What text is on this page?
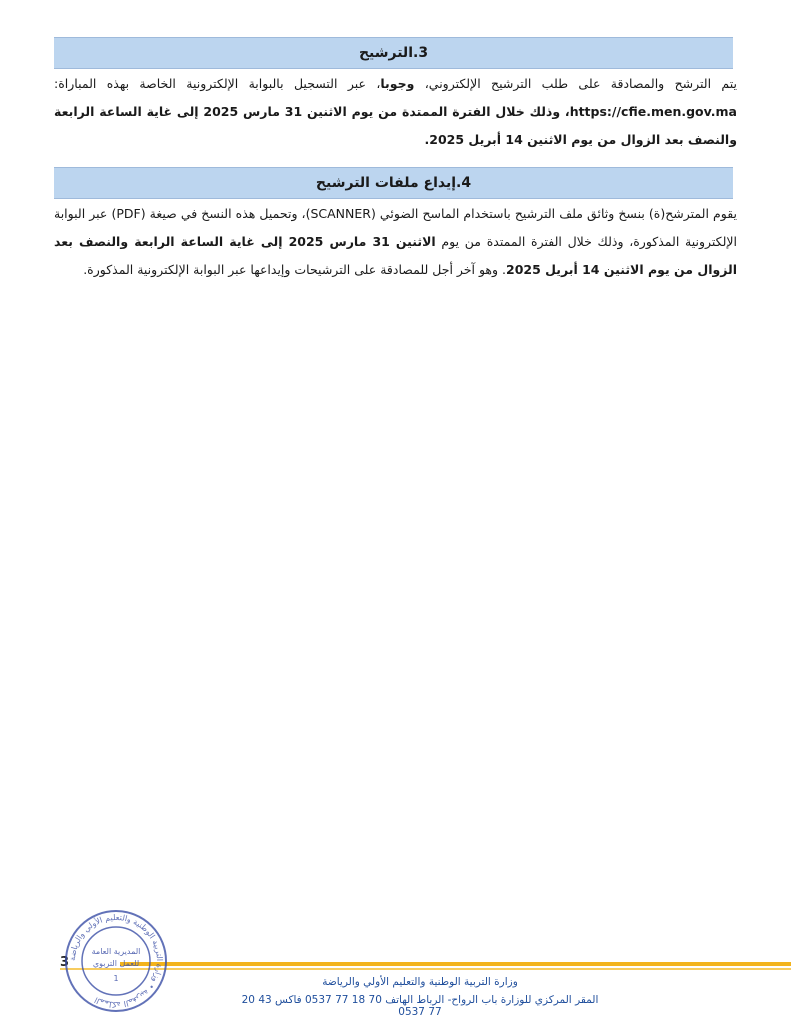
3.الترشيح
يتم الترشح والمصادقة على طلب الترشيح الإلكتروني، وجوبا، عبر التسجيل بالبوابة الإلكترونية الخاصة بهذه المباراة: https://cfie.men.gov.ma، وذلك خلال الفترة الممتدة من يوم الاثنين 31 مارس 2025 إلى غاية الساعة الرابعة والنصف بعد الزوال من يوم الاثنين 14 أبريل 2025.
4.إيداع ملفات الترشيح
يقوم المترشح(ة) بنسخ وثائق ملف الترشيح باستخدام الماسح الضوئي (SCANNER)، وتحميل هذه النسخ في صيغة (PDF) عبر البوابة الإلكترونية المذكورة، وذلك خلال الفترة الممتدة من يوم الاثنين 31 مارس 2025 إلى غاية الساعة الرابعة والنصف بعد الزوال من يوم الاثنين 14 أبريل 2025. وهو آخر أجل للمصادقة على الترشيحات وإيداعها عبر البوابة الإلكترونية المذكورة.
3
وزارة التربية الوطنية والتعليم الأولي والرياضة
المقر المركزي للوزارة باب الرواح- الرباط الهاتف 70 18 77 0537 فاكس 43 20 77 0537
المملكة المغربية • وزارة التربية الوطنية والتعليم الأولي والرياضة
المديرية العامة
للعمل التربوي
1
